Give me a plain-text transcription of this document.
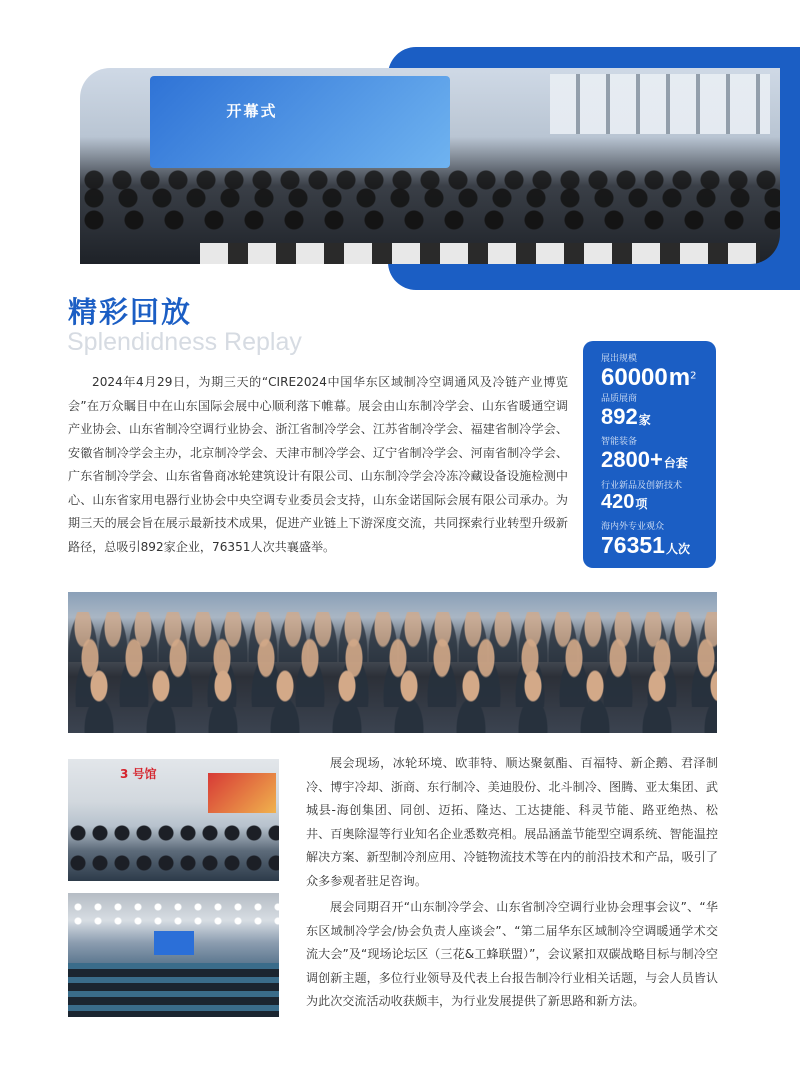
开幕式
精彩回放
Splendidness Replay

2024年4月29日，为期三天的“CIRE2024中国华东区域制冷空调通风及冷链产业博览会”在万众瞩目中在山东国际会展中心顺利落下帷幕。展会由山东制冷学会、山东省暖通空调产业协会、山东省制冷空调行业协会、浙江省制冷学会、江苏省制冷学会、福建省制冷学会、安徽省制冷学会主办，北京制冷学会、天津市制冷学会、辽宁省制冷学会、河南省制冷学会、广东省制冷学会、山东省鲁商冰轮建筑设计有限公司、山东制冷学会冷冻冷藏设备设施检测中心、山东省家用电器行业协会中央空调专业委员会支持，山东金诺国际会展有限公司承办。为期三天的展会旨在展示最新技术成果，促进产业链上下游深度交流，共同探索行业转型升级新路径，总吸引892家企业，76351人次共襄盛举。

展出规模
$60000m^2$
品质展商
892家
智能装备
2800+台套
行业新品及创新技术
420项
海内外专业观众
76351人次
3 号馆

展会现场，冰轮环境、欧菲特、顺达聚氨酯、百福特、新企鹅、君泽制冷、博宇冷却、浙商、东行制冷、美迪股份、北斗制冷、图腾、亚太集团、武城县-海创集团、同创、迈拓、隆达、工达捷能、科灵节能、路亚绝热、松井、百奥除湿等行业知名企业悉数亮相。展品涵盖节能型空调系统、智能温控解决方案、新型制冷剂应用、冷链物流技术等在内的前沿技术和产品，吸引了众多参观者驻足咨询。

展会同期召开“山东制冷学会、山东省制冷空调行业协会理事会议”、“华东区域制冷学会/协会负责人座谈会”、“第二届华东区域制冷空调暖通学术交流大会”及“现场论坛区（三花&工蜂联盟）”，会议紧扣双碳战略目标与制冷空调创新主题，多位行业领导及代表上台报告制冷行业相关话题，与会人员皆认为此次交流活动收获颇丰，为行业发展提供了新思路和新方法。
